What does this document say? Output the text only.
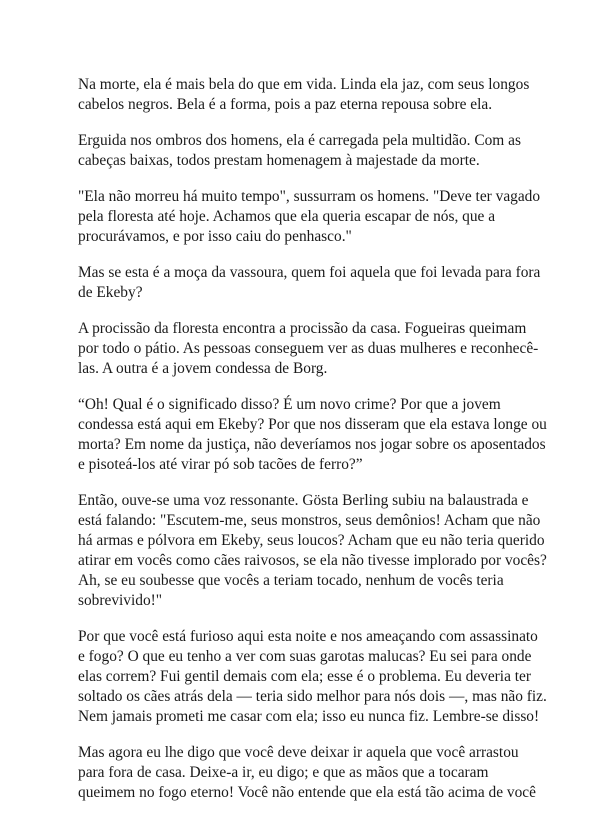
Na morte, ela é mais bela do que em vida. Linda ela jaz, com seus longos
cabelos negros. Bela é a forma, pois a paz eterna repousa sobre ela.

Erguida nos ombros dos homens, ela é carregada pela multidão. Com as
cabeças baixas, todos prestam homenagem à majestade da morte.

"Ela não morreu há muito tempo", sussurram os homens. "Deve ter vagado
pela floresta até hoje. Achamos que ela queria escapar de nós, que a
procurávamos, e por isso caiu do penhasco."

Mas se esta é a moça da vassoura, quem foi aquela que foi levada para fora
de Ekeby?

A procissão da floresta encontra a procissão da casa. Fogueiras queimam
por todo o pátio. As pessoas conseguem ver as duas mulheres e reconhecê-
las. A outra é a jovem condessa de Borg.

“Oh! Qual é o significado disso? É um novo crime? Por que a jovem
condessa está aqui em Ekeby? Por que nos disseram que ela estava longe ou
morta? Em nome da justiça, não deveríamos nos jogar sobre os aposentados
e pisoteá-los até virar pó sob tacões de ferro?”

Então, ouve-se uma voz ressonante. Gösta Berling subiu na balaustrada e
está falando: "Escutem-me, seus monstros, seus demônios! Acham que não
há armas e pólvora em Ekeby, seus loucos? Acham que eu não teria querido
atirar em vocês como cães raivosos, se ela não tivesse implorado por vocês?
Ah, se eu soubesse que vocês a teriam tocado, nenhum de vocês teria
sobrevivido!"

Por que você está furioso aqui esta noite e nos ameaçando com assassinato
e fogo? O que eu tenho a ver com suas garotas malucas? Eu sei para onde
elas correm? Fui gentil demais com ela; esse é o problema. Eu deveria ter
soltado os cães atrás dela — teria sido melhor para nós dois —, mas não fiz.
Nem jamais prometi me casar com ela; isso eu nunca fiz. Lembre-se disso!

Mas agora eu lhe digo que você deve deixar ir aquela que você arrastou
para fora de casa. Deixe-a ir, eu digo; e que as mãos que a tocaram
queimem no fogo eterno! Você não entende que ela está tão acima de você
